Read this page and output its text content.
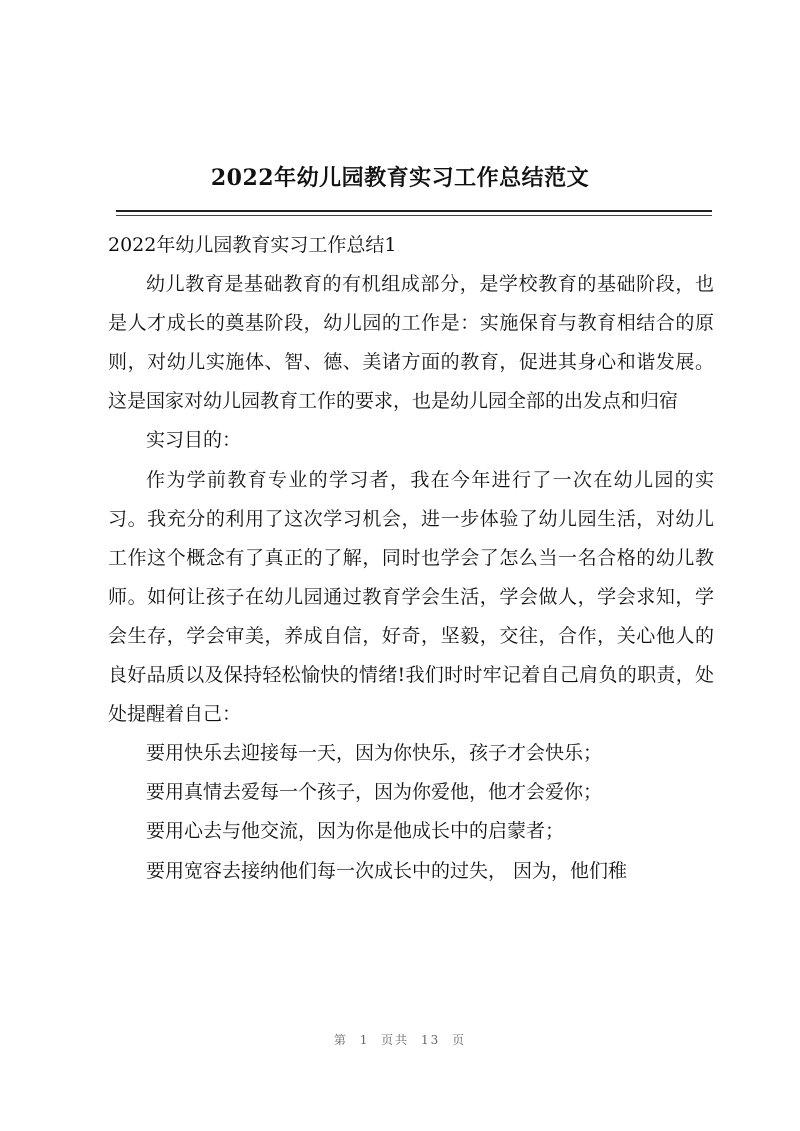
2022年幼儿园教育实习工作总结范文

2022年幼儿园教育实习工作总结1

幼儿教育是基础教育的有机组成部分，是学校教育的基础阶段，也是人才成长的奠基阶段，幼儿园的工作是：实施保育与教育相结合的原则，对幼儿实施体、智、德、美诸方面的教育，促进其身心和谐发展。这是国家对幼儿园教育工作的要求，也是幼儿园全部的出发点和归宿

实习目的：

作为学前教育专业的学习者，我在今年进行了一次在幼儿园的实习。我充分的利用了这次学习机会，进一步体验了幼儿园生活，对幼儿工作这个概念有了真正的了解，同时也学会了怎么当一名合格的幼儿教师。如何让孩子在幼儿园通过教育学会生活，学会做人，学会求知，学会生存，学会审美，养成自信，好奇，坚毅，交往，合作，关心他人的良好品质以及保持轻松愉快的情绪!我们时时牢记着自己肩负的职责，处处提醒着自己：

要用快乐去迎接每一天，因为你快乐，孩子才会快乐；

要用真情去爱每一个孩子，因为你爱他，他才会爱你；

要用心去与他交流，因为你是他成长中的启蒙者；

要用宽容去接纳他们每一次成长中的过失， 因为，他们稚

第 1 页共 13 页
